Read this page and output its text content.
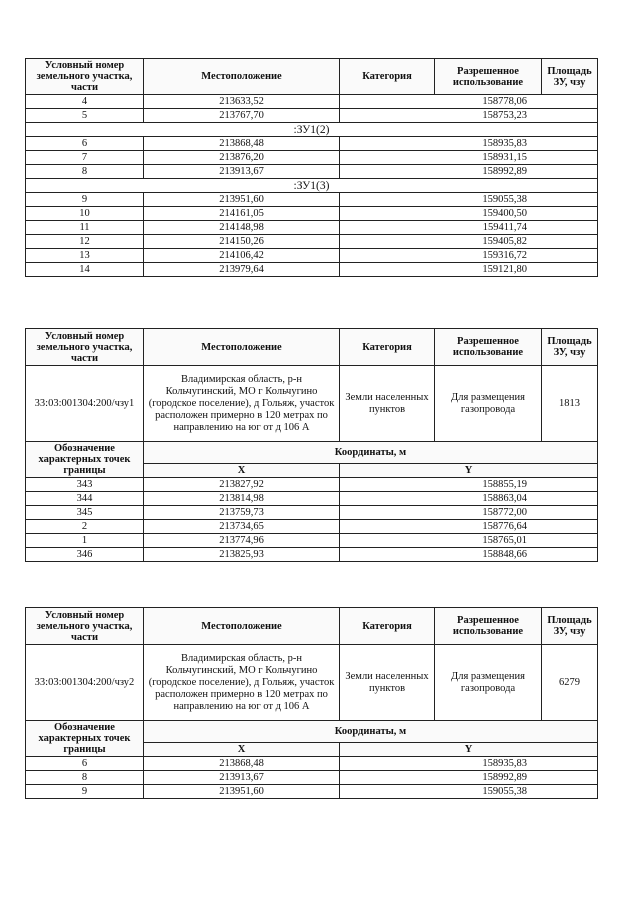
Условный номер земельного участка, части	Местоположение	Категория	Разрешенное использование	Площадь ЗУ, чзу
4	213633,52	158778,06		
5	213767,70	158753,23		
:ЗУ1(2)				
6	213868,48	158935,83		
7	213876,20	158931,15		
8	213913,67	158992,89		
:ЗУ1(3)				
9	213951,60	159055,38		
10	214161,05	159400,50		
11	214148,98	159411,74		
12	214150,26	159405,82		
13	214106,42	159316,72		
14	213979,64	159121,80		
Условный номер земельного участка, части	Местоположение	Категория	Разрешенное использование	Площадь ЗУ, чзу
33:03:001304:200/чзу1	Владимирская область, р-н Кольчугинский, МО г Кольчугино (городское поселение), д Гольяж, участок расположен примерно в 120 метрах по направлению на юг от д 106 А	Земли населенных пунктов	Для размещения газопровода	1813
Обозначение характерных точек границы	Координаты, м			
	X	Y		
343	213827,92	158855,19		
344	213814,98	158863,04		
345	213759,73	158772,00		
2	213734,65	158776,64		
1	213774,96	158765,01		
346	213825,93	158848,66		
Условный номер земельного участка, части	Местоположение	Категория	Разрешенное использование	Площадь ЗУ, чзу
33:03:001304:200/чзу2	Владимирская область, р-н Кольчугинский, МО г Кольчугино (городское поселение), д Гольяж, участок расположен примерно в 120 метрах по направлению на юг от д 106 А	Земли населенных пунктов	Для размещения газопровода	6279
Обозначение характерных точек границы	Координаты, м			
	X	Y		
6	213868,48	158935,83		
8	213913,67	158992,89		
9	213951,60	159055,38		
